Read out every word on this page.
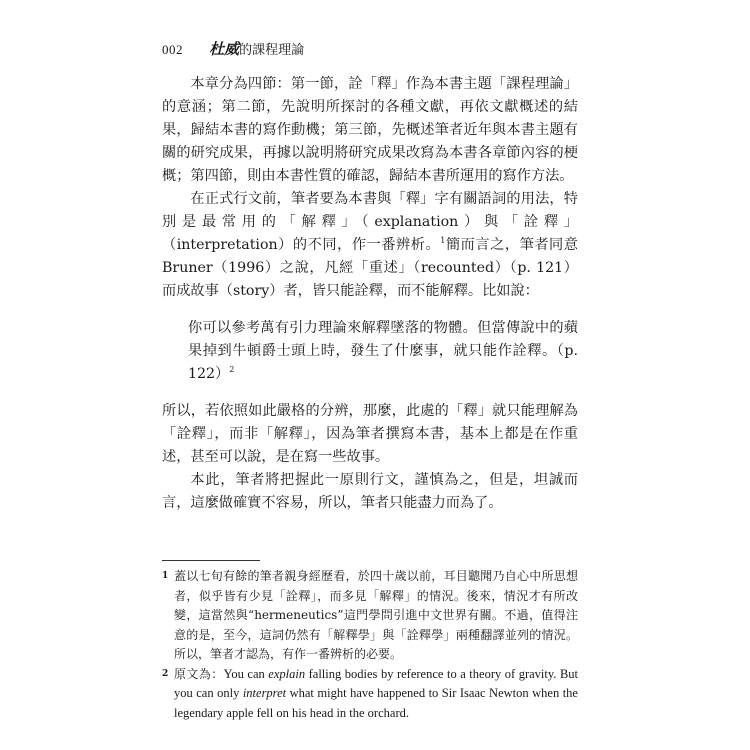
002 杜威的課程理論

本章分為四節：第一節，詮「釋」作為本書主題「課程理論」的意涵；第二節，先說明所探討的各種文獻，再依文獻概述的結果，歸結本書的寫作動機；第三節，先概述筆者近年與本書主題有關的研究成果，再據以說明將研究成果改寫為本書各章節內容的梗概；第四節，則由本書性質的確認，歸結本書所運用的寫作方法。

在正式行文前，筆者要為本書與「釋」字有關語詞的用法，特別是最常用的「解釋」（explanation）與「詮釋」（interpretation）的不同，作一番辨析。$^1$簡而言之，筆者同意Bruner（1996）之說，凡經「重述」（recounted）（p. 121）而成故事（story）者，皆只能詮釋，而不能解釋。比如說：

你可以參考萬有引力理論來解釋墜落的物體。但當傳說中的蘋果掉到牛頓爵士頭上時，發生了什麼事，就只能作詮釋。（p. 122）$^2$

所以，若依照如此嚴格的分辨，那麼，此處的「釋」就只能理解為「詮釋」，而非「解釋」，因為筆者撰寫本書，基本上都是在作重述，甚至可以說，是在寫一些故事。

本此，筆者將把握此一原則行文，謹慎為之，但是，坦誠而言，這麼做確實不容易，所以，筆者只能盡力而為了。

1 蓋以七旬有餘的筆者親身經歷看，於四十歲以前，耳目聽聞乃自心中所思想者，似乎皆有少見「詮釋」，而多見「解釋」的情況。後來，情況才有所改變，這當然與“hermeneutics”這門學問引進中文世界有關。不過，值得注意的是，至今，這詞仍然有「解釋學」與「詮釋學」兩種翻譯並列的情況。所以，筆者才認為，有作一番辨析的必要。
2 原文為：You can explain falling bodies by reference to a theory of gravity. But you can only interpret what might have happened to Sir Isaac Newton when the legendary apple fell on his head in the orchard.
